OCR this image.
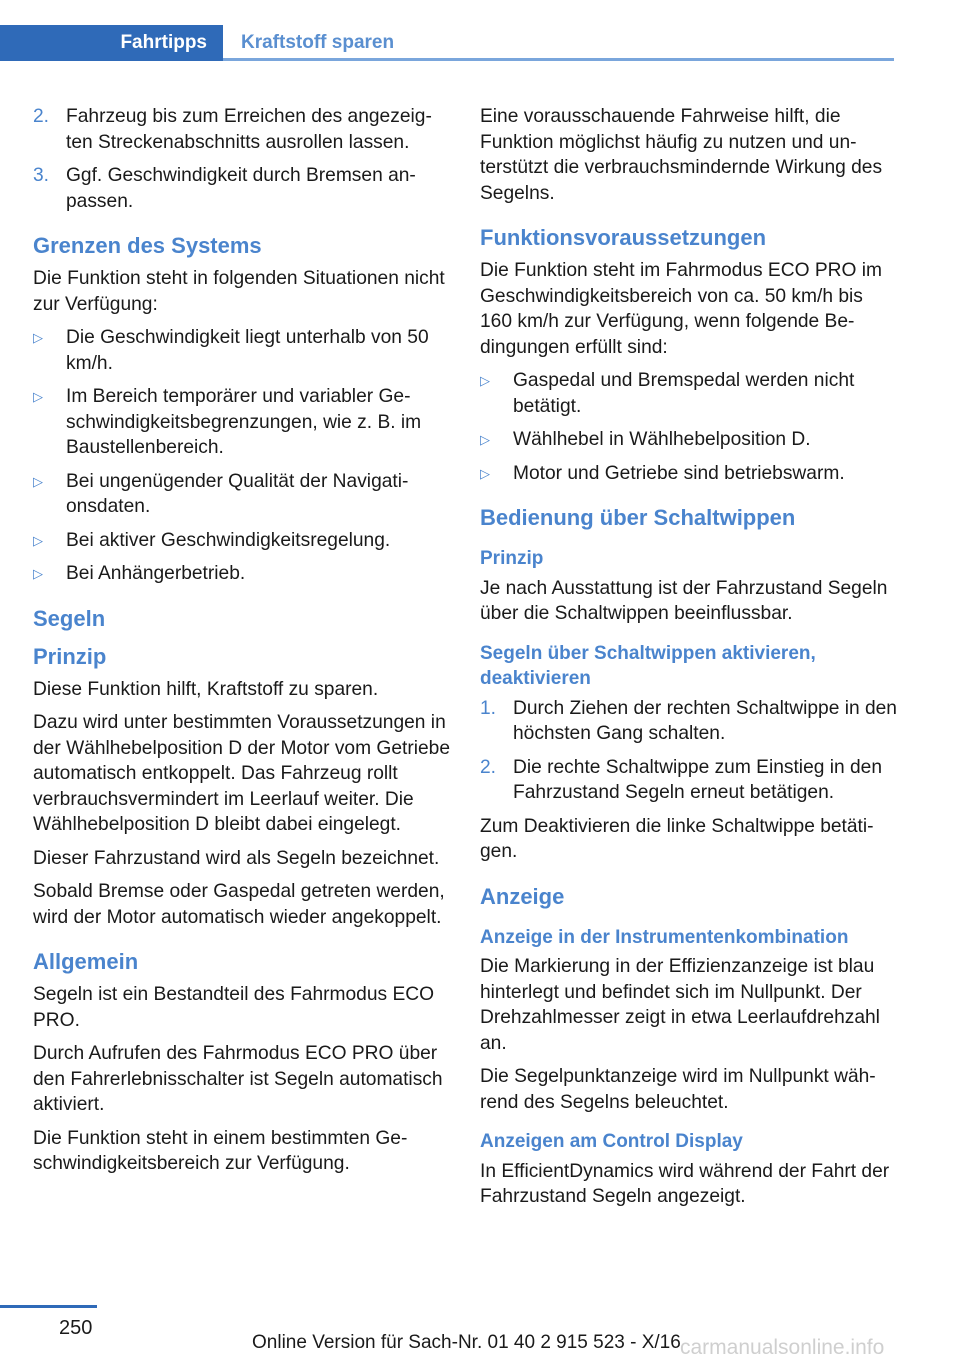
Fahrtipps	Kraftstoff sparen
2. Fahrzeug bis zum Erreichen des angezeigten Streckenabschnitts ausrollen lassen.
3. Ggf. Geschwindigkeit durch Bremsen anpassen.
Grenzen des Systems

Die Funktion steht in folgenden Situationen nicht zur Verfügung:

▷	Die Geschwindigkeit liegt unterhalb von 50 km/h.
▷	Im Bereich temporärer und variabler Geschwindigkeitsbegrenzungen, wie z. B. im Baustellenbereich.
▷	Bei ungenügender Qualität der Navigationsdaten.
▷	Bei aktiver Geschwindigkeitsregelung.
▷	Bei Anhängerbetrieb.
Segeln
Prinzip

Diese Funktion hilft, Kraftstoff zu sparen.

Dazu wird unter bestimmten Voraussetzungen in der Wählhebelposition D der Motor vom Getriebe automatisch entkoppelt. Das Fahrzeug rollt verbrauchsvermindert im Leerlauf weiter. Die Wählhebelposition D bleibt dabei eingelegt.

Dieser Fahrzustand wird als Segeln bezeichnet.

Sobald Bremse oder Gaspedal getreten werden, wird der Motor automatisch wieder angekoppelt.

Allgemein

Segeln ist ein Bestandteil des Fahrmodus ECO PRO.

Durch Aufrufen des Fahrmodus ECO PRO über den Fahrerlebnisschalter ist Segeln automatisch aktiviert.

Die Funktion steht in einem bestimmten Geschwindigkeitsbereich zur Verfügung.

Eine vorausschauende Fahrweise hilft, die Funktion möglichst häufig zu nutzen und unterstützt die verbrauchsmindernde Wirkung des Segelns.

Funktionsvoraussetzungen

Die Funktion steht im Fahrmodus ECO PRO im Geschwindigkeitsbereich von ca. 50 km/h bis 160 km/h zur Verfügung, wenn folgende Bedingungen erfüllt sind:

▷	Gaspedal und Bremspedal werden nicht betätigt.
▷	Wählhebel in Wählhebelposition D.
▷	Motor und Getriebe sind betriebswarm.
Bedienung über Schaltwippen
Prinzip

Je nach Ausstattung ist der Fahrzustand Segeln über die Schaltwippen beeinflussbar.

Segeln über Schaltwippen aktivieren, deaktivieren
1. Durch Ziehen der rechten Schaltwippe in den höchsten Gang schalten.
2. Die rechte Schaltwippe zum Einstieg in den Fahrzustand Segeln erneut betätigen.

Zum Deaktivieren die linke Schaltwippe betätigen.

Anzeige
Anzeige in der Instrumentenkombination

Die Markierung in der Effizienzanzeige ist blau hinterlegt und befindet sich im Nullpunkt. Der Drehzahlmesser zeigt in etwa Leerlaufdrehzahl an.

Die Segelpunktanzeige wird im Nullpunkt während des Segelns beleuchtet.

Anzeigen am Control Display

In EfficientDynamics wird während der Fahrt der Fahrzustand Segeln angezeigt.

250
Online Version für Sach-Nr. 01 40 2 915 523 - X/16 carmanualsonline.info
